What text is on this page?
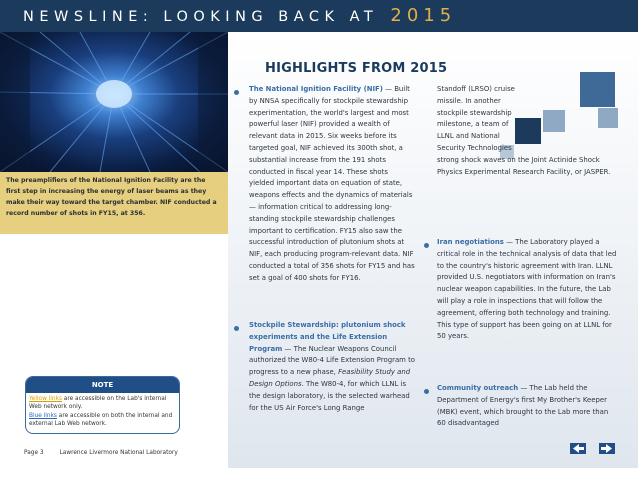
NEWSLINE: LOOKING BACK AT 2015

The preamplifiers of the National Ignition Facility are the first step in increasing the energy of laser beams as they make their way toward the target chamber. NIF conducted a record number of shots in FY15, at 356.

NOTE

Yellow links are accessible on the Lab's internal Web network only.
Blue links are accessible on both the internal and external Lab Web network.

Page 3	Lawrence Livermore National Laboratory
HIGHLIGHTS FROM 2015

The National Ignition Facility (NIF) — Built by NNSA specifically for stockpile stewardship experimentation, the world's largest and most powerful laser (NIF) provided a wealth of relevant data in 2015. Six weeks before its targeted goal, NIF achieved its 300th shot, a substantial increase from the 191 shots conducted in fiscal year 14. These shots yielded important data on equation of state, weapons effects and the dynamics of materials — information critical to addressing long-standing stockpile stewardship challenges important to certification. FY15 also saw the successful introduction of plutonium shots at NIF, each producing program-relevant data. NIF conducted a total of 356 shots for FY15 and has set a goal of 400 shots for FY16.

Stockpile Stewardship: plutonium shock experiments and the Life Extension Program — The Nuclear Weapons Council authorized the W80-4 Life Extension Program to progress to a new phase, Feasibility Study and Design Options. The W80-4, for which LLNL is the design laboratory, is the selected warhead for the US Air Force's Long Range

Standoff (LRSO) cruise missile. In another stockpile stewardship milestone, a team of LLNL and National Security Technologies

strong shock waves on the Joint Actinide Shock Physics Experimental Research Facility, or JASPER.

Iran negotiations — The Laboratory played a critical role in the technical analysis of data that led to the country's historic agreement with Iran. LLNL provided U.S. negotiators with information on Iran's nuclear weapon capabilities. In the future, the Lab will play a role in inspections that will follow the agreement, offering both technology and training. This type of support has been going on at LLNL for 50 years.

Community outreach — The Lab held the Department of Energy's first My Brother's Keeper (MBK) event, which brought to the Lab more than 60 disadvantaged
